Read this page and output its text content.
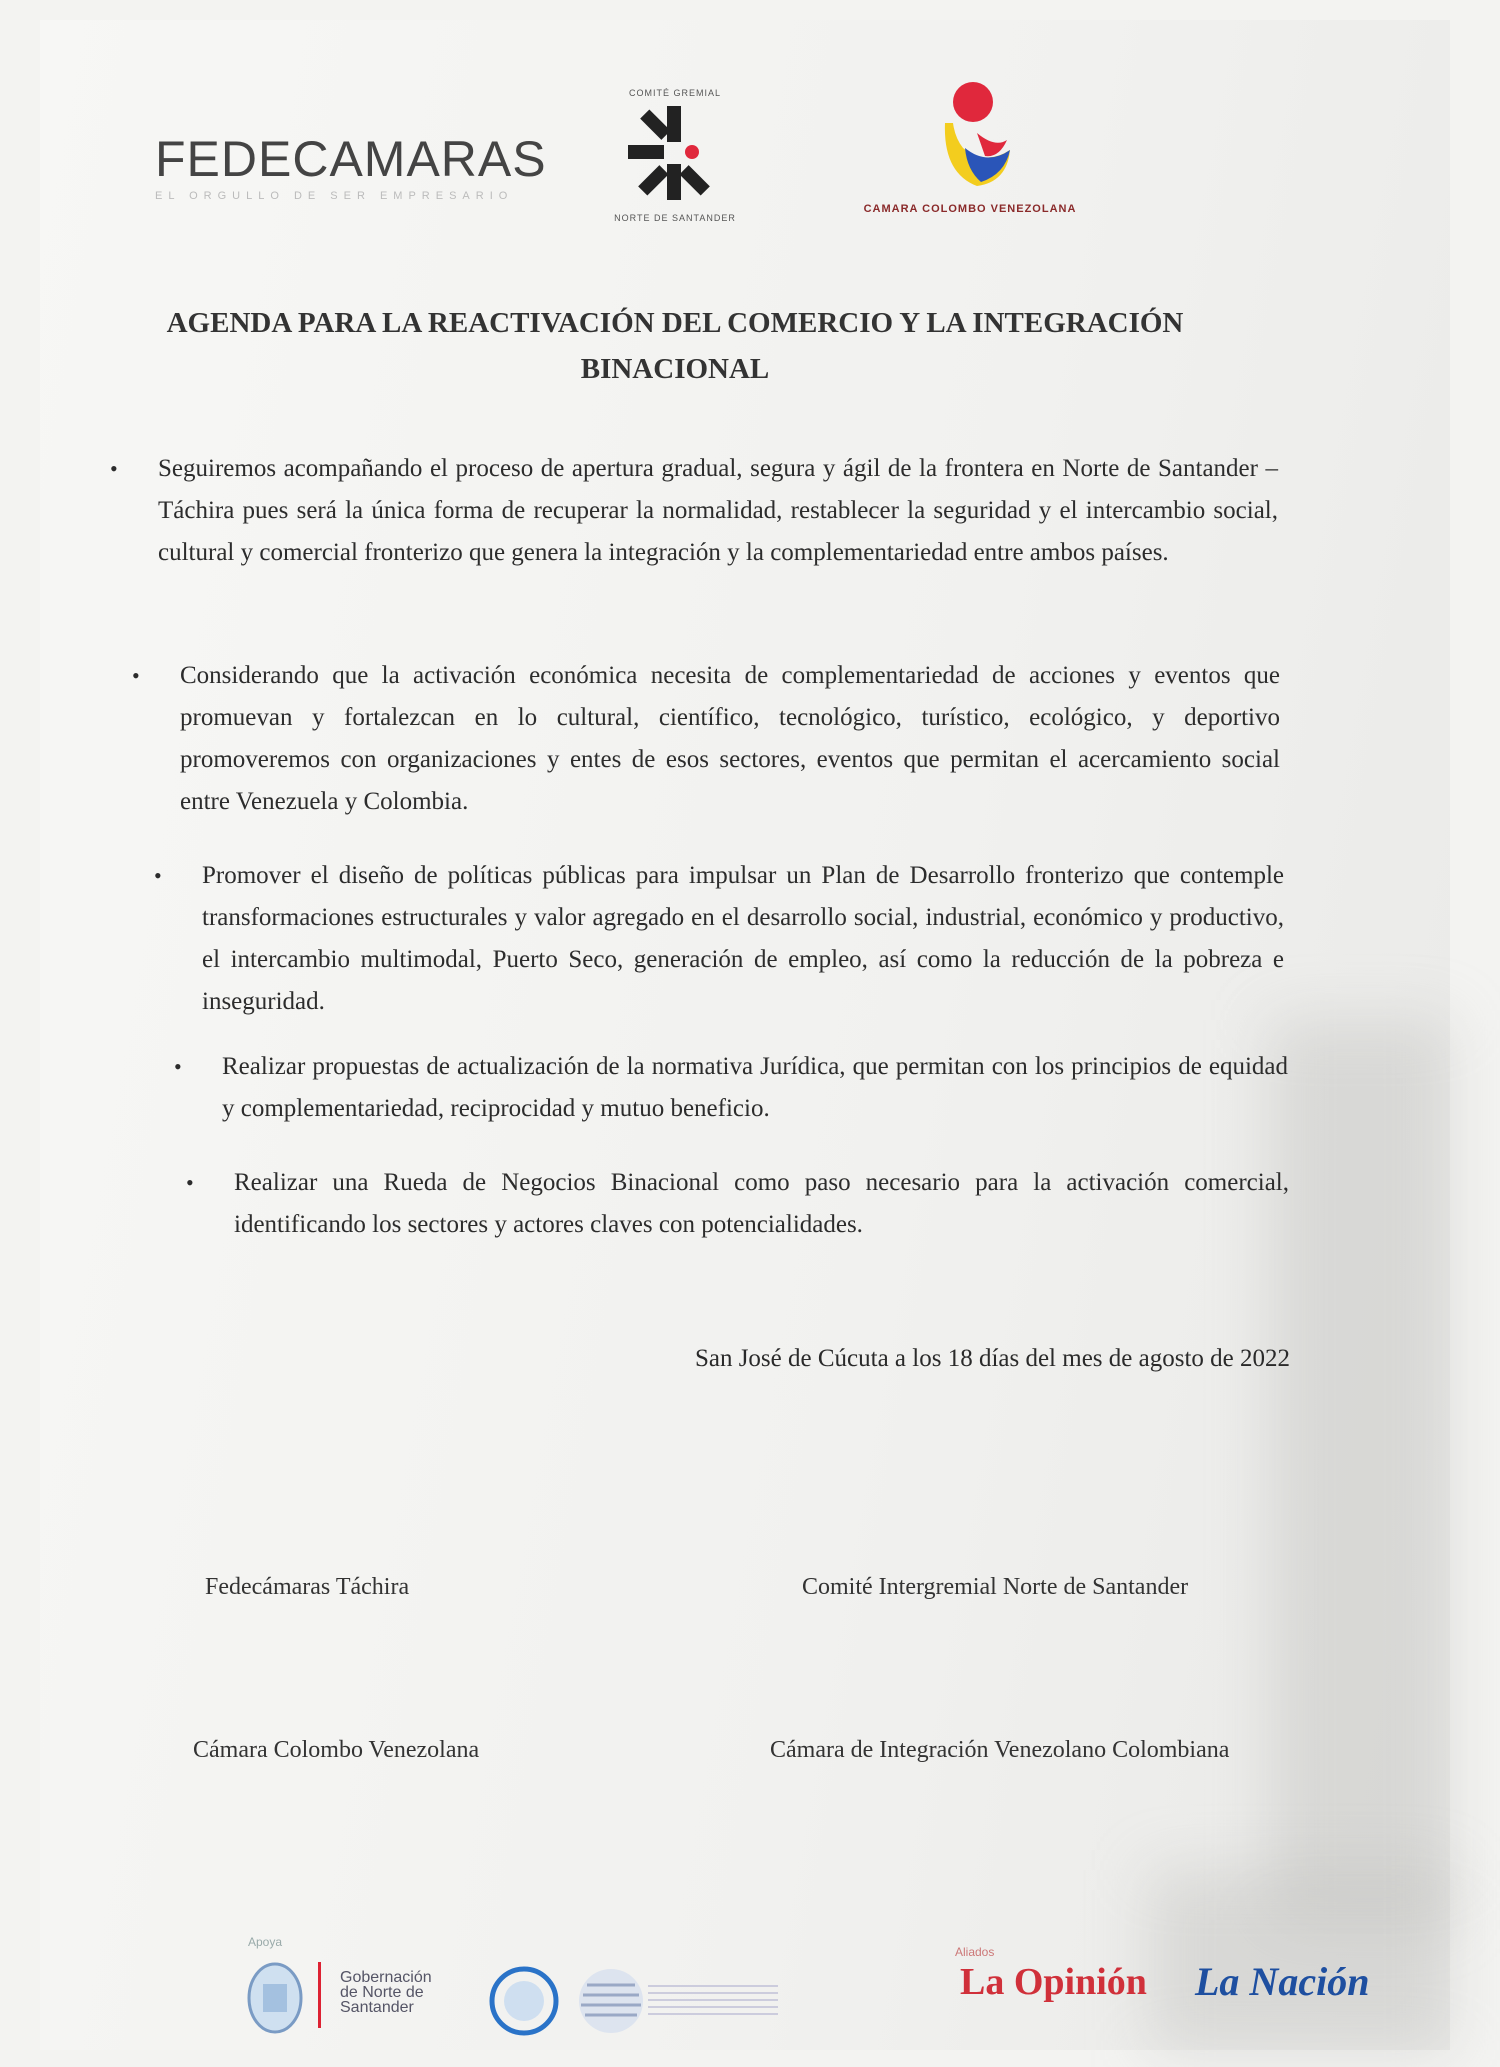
FEDECAMARAS
EL ORGULLO DE SER EMPRESARIO
COMITÉ GREMIAL
NORTE DE SANTANDER
CAMARA COLOMBO VENEZOLANA
AGENDA PARA LA REACTIVACIÓN DEL COMERCIO Y LA INTEGRACIÓN
BINACIONAL
• Seguiremos acompañando el proceso de apertura gradual, segura y ágil de la frontera en Norte de Santander – Táchira pues será la única forma de recuperar la normalidad, restablecer la seguridad y el intercambio social, cultural y comercial fronterizo que genera la integración y la complementariedad entre ambos países.
• Considerando que la activación económica necesita de complementariedad de acciones y eventos que promuevan y fortalezcan en lo cultural, científico, tecnológico, turístico, ecológico, y deportivo promoveremos con organizaciones y entes de esos sectores, eventos que permitan el acercamiento social entre Venezuela y Colombia.
• Promover el diseño de políticas públicas para impulsar un Plan de Desarrollo fronterizo que contemple transformaciones estructurales y valor agregado en el desarrollo social, industrial, económico y productivo, el intercambio multimodal, Puerto Seco, generación de empleo, así como la reducción de la pobreza e inseguridad.
• Realizar propuestas de actualización de la normativa Jurídica, que permitan con los principios de equidad y complementariedad, reciprocidad y mutuo beneficio.
• Realizar una Rueda de Negocios Binacional como paso necesario para la activación comercial, identificando los sectores y actores claves con potencialidades.
San José de Cúcuta a los 18 días del mes de agosto de 2022
Fedecámaras Táchira	Comité Intergremial Norte de Santander
Cámara Colombo Venezolana	Cámara de Integración Venezolano Colombiana
Apoya
Gobernación
de Norte de
Santander
Aliados
La Opinión La Nación
